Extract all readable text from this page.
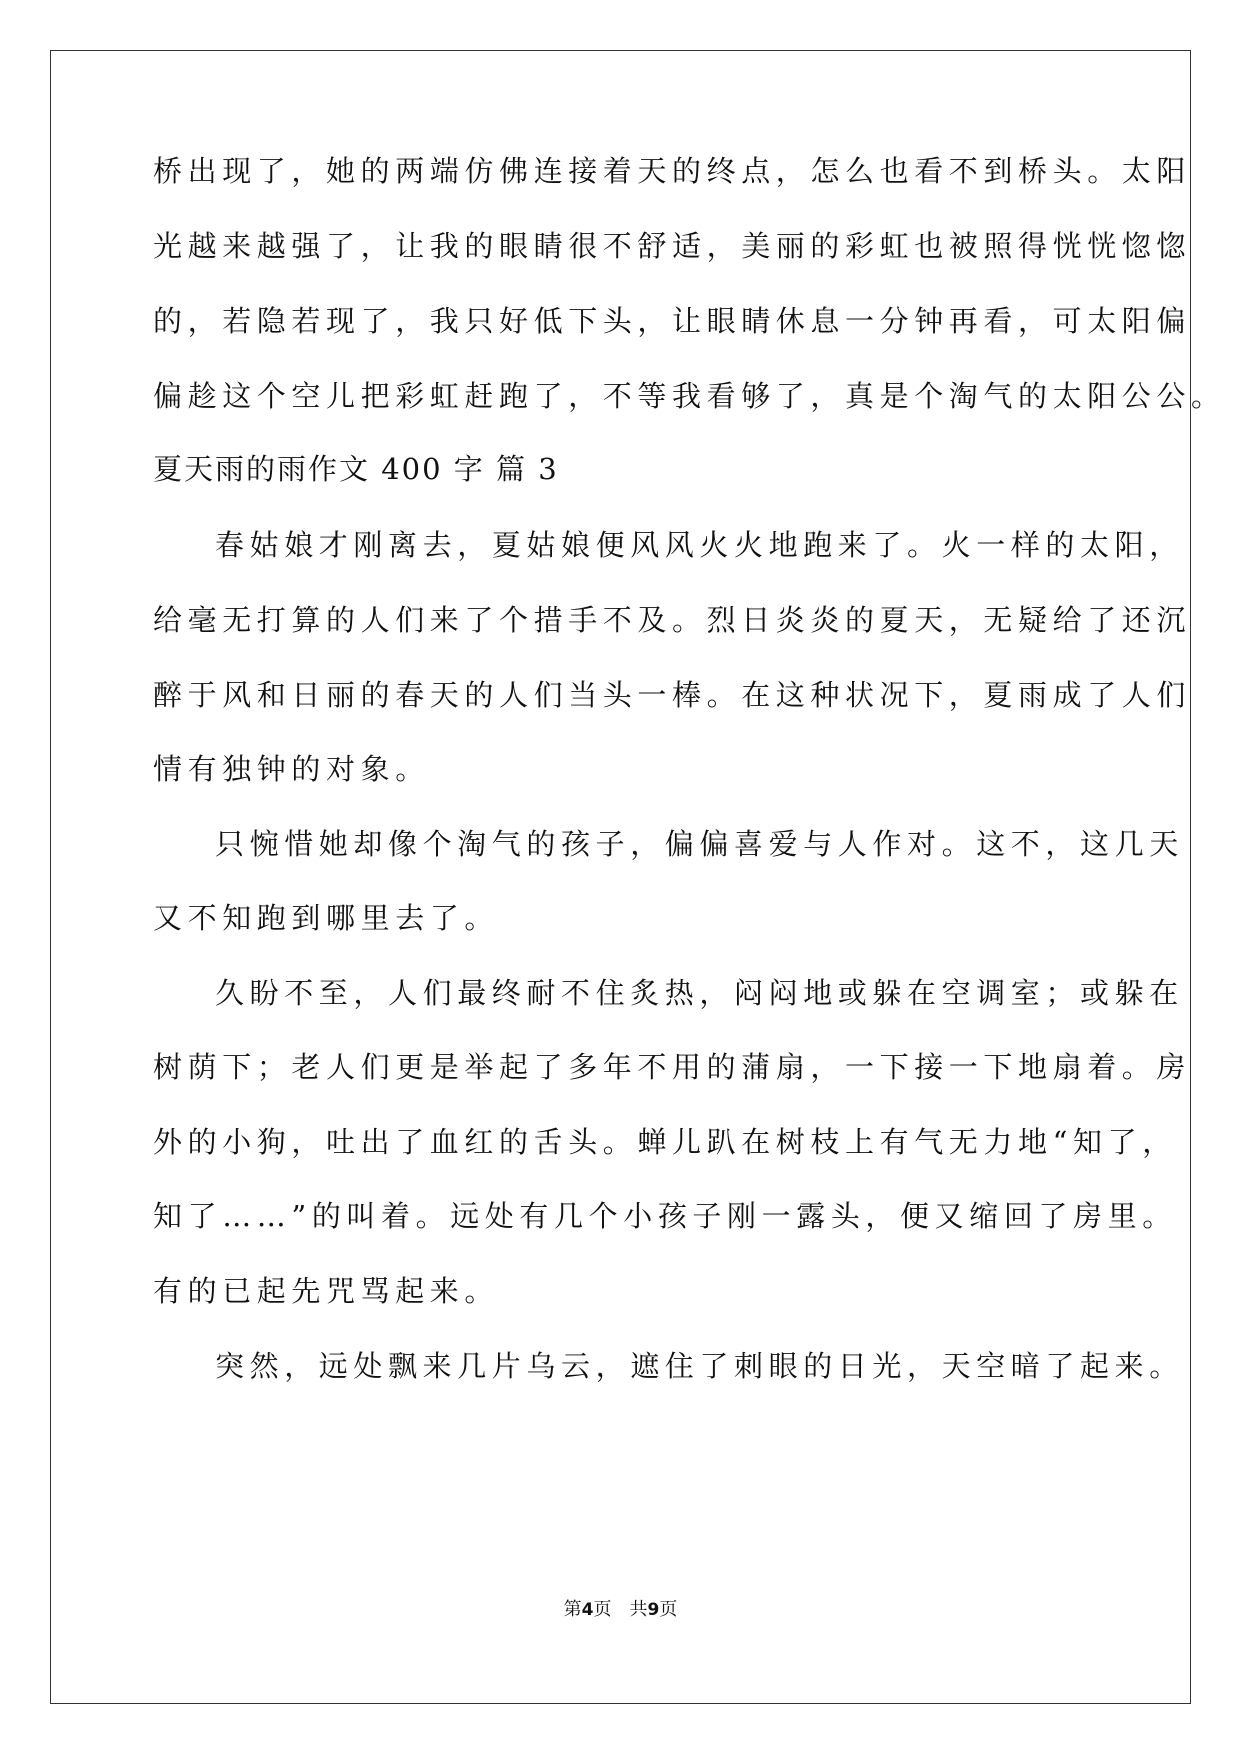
桥出现了，她的两端仿佛连接着天的终点，怎么也看不到桥头。太阳
光越来越强了，让我的眼睛很不舒适，美丽的彩虹也被照得恍恍惚惚
的，若隐若现了，我只好低下头，让眼睛休息一分钟再看，可太阳偏
偏趁这个空儿把彩虹赶跑了，不等我看够了，真是个淘气的太阳公公。
夏天雨的雨作文 400 字 篇 3
春姑娘才刚离去，夏姑娘便风风火火地跑来了。火一样的太阳，
给毫无打算的人们来了个措手不及。烈日炎炎的夏天，无疑给了还沉
醉于风和日丽的春天的人们当头一棒。在这种状况下，夏雨成了人们
情有独钟的对象。
只惋惜她却像个淘气的孩子，偏偏喜爱与人作对。这不，这几天
又不知跑到哪里去了。
久盼不至，人们最终耐不住炙热，闷闷地或躲在空调室；或躲在
树荫下；老人们更是举起了多年不用的蒲扇，一下接一下地扇着。房
外的小狗，吐出了血红的舌头。蝉儿趴在树枝上有气无力地“知了，
知了……”的叫着。远处有几个小孩子刚一露头，便又缩回了房里。
有的已起先咒骂起来。
突然，远处飘来几片乌云，遮住了刺眼的日光，天空暗了起来。
第4页 共9页
